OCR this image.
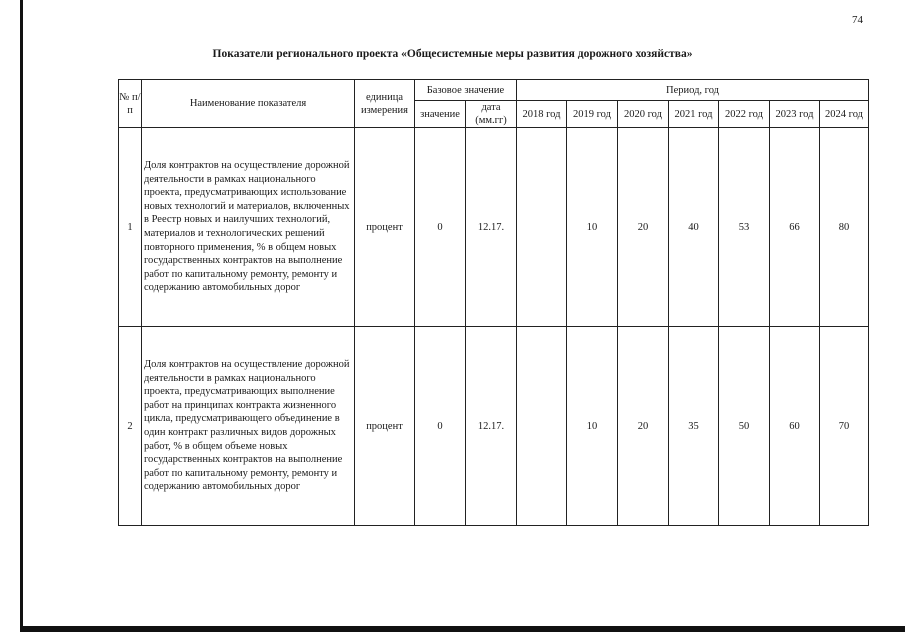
74
Показатели регионального проекта «Общесистемные меры развития дорожного хозяйства»
№ п/п	Наименование показателя	единица измерения	Базовое значение		Период, год						
			значение	дата (мм.гг)	2018 год	2019 год	2020 год	2021 год	2022 год	2023 год	2024 год
1	Доля контрактов на осуществление дорожной деятельности в рамках национального проекта, предусматривающих использование новых технологий и материалов, включенных в Реестр новых и наилучших технологий, материалов и технологических решений повторного применения, % в общем новых государственных контрактов на выполнение работ по капитальному ремонту, ремонту и содержанию автомобильных дорог	процент	0	12.17.		10	20	40	53	66	80
2	Доля контрактов на осуществление дорожной деятельности в рамках национального проекта, предусматривающих выполнение работ на принципах контракта жизненного цикла, предусматривающего объединение в один контракт различных видов дорожных работ, % в общем объеме новых государственных контрактов на выполнение работ по капитальному ремонту, ремонту и содержанию автомобильных дорог	процент	0	12.17.		10	20	35	50	60	70
